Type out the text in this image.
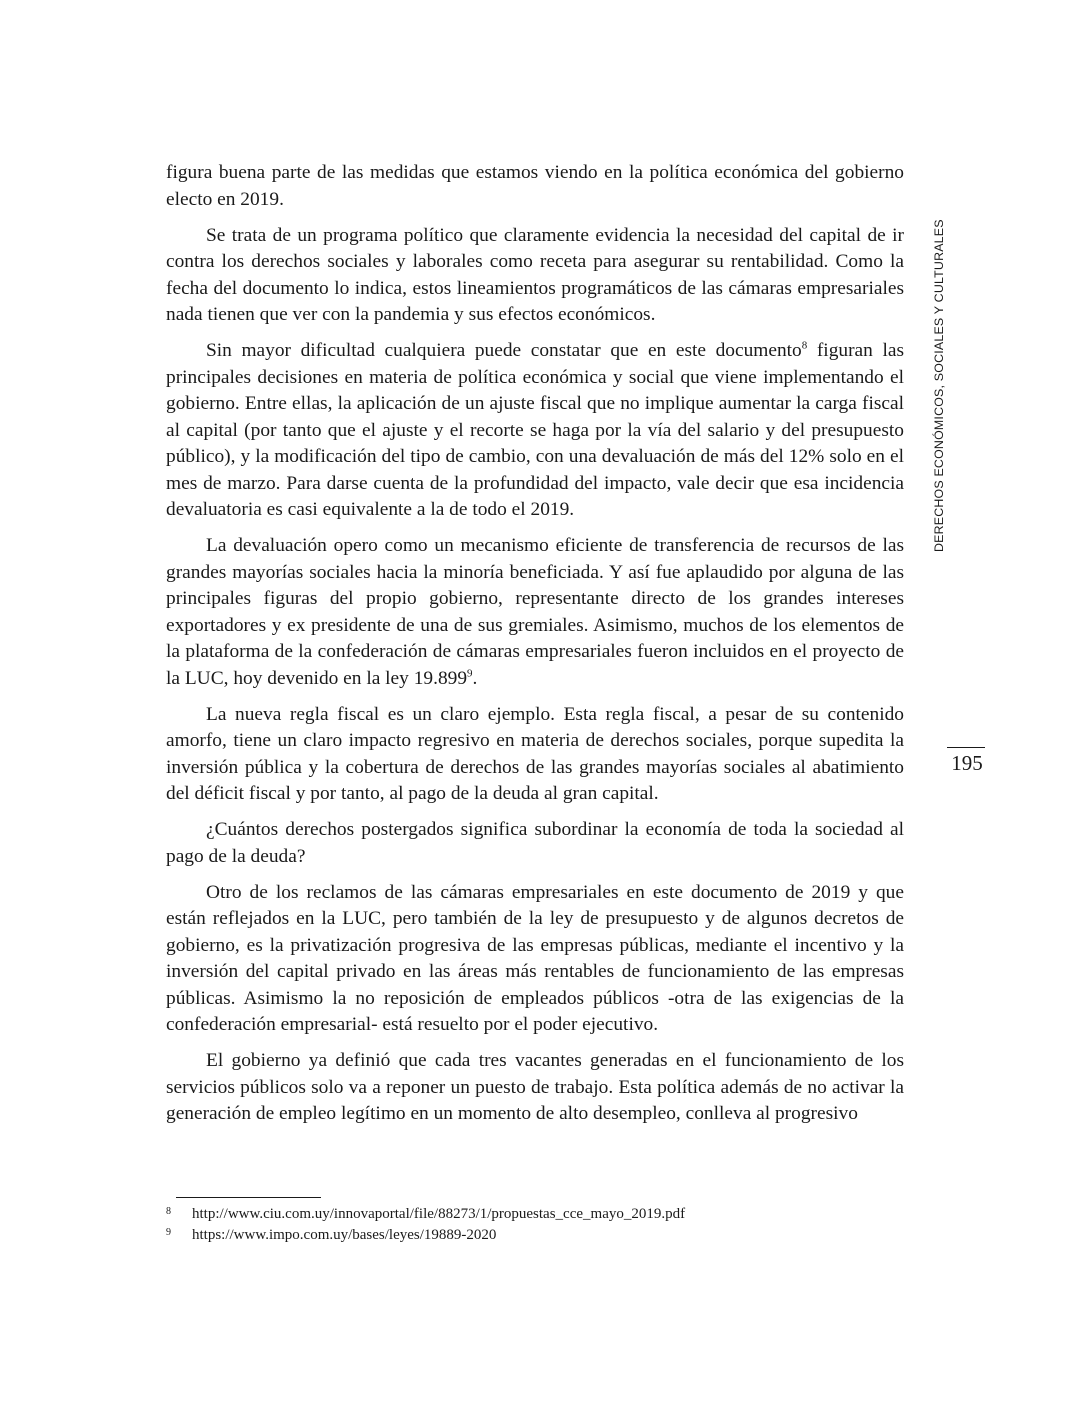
figura buena parte de las medidas que estamos viendo en la política económica del gobierno electo en 2019.

Se trata de un programa político que claramente evidencia la necesidad del capital de ir contra los derechos sociales y laborales como receta para asegurar su rentabilidad. Como la fecha del documento lo indica, estos lineamientos programáticos de las cámaras empresariales nada tienen que ver con la pandemia y sus efectos económicos.

Sin mayor dificultad cualquiera puede constatar que en este documento$^8$ figuran las principales decisiones en materia de política económica y social que viene implementando el gobierno. Entre ellas, la aplicación de un ajuste fiscal que no implique aumentar la carga fiscal al capital (por tanto que el ajuste y el recorte se haga por la vía del salario y del presupuesto público), y la modificación del tipo de cambio, con una devaluación de más del 12% solo en el mes de marzo. Para darse cuenta de la profundidad del impacto, vale decir que esa incidencia devaluatoria es casi equivalente a la de todo el 2019.

La devaluación opero como un mecanismo eficiente de transferencia de recursos de las grandes mayorías sociales hacia la minoría beneficiada. Y así fue aplaudido por alguna de las principales figuras del propio gobierno, representante directo de los grandes intereses exportadores y ex presidente de una de sus gremiales. Asimismo, muchos de los elementos de la plataforma de la confederación de cámaras empresariales fueron incluidos en el proyecto de la LUC, hoy devenido en la ley 19.899$^9$.

La nueva regla fiscal es un claro ejemplo. Esta regla fiscal, a pesar de su contenido amorfo, tiene un claro impacto regresivo en materia de derechos sociales, porque supedita la inversión pública y la cobertura de derechos de las grandes mayorías sociales al abatimiento del déficit fiscal y por tanto, al pago de la deuda al gran capital.

¿Cuántos derechos postergados significa subordinar la economía de toda la sociedad al pago de la deuda?

Otro de los reclamos de las cámaras empresariales en este documento de 2019 y que están reflejados en la LUC, pero también de la ley de presupuesto y de algunos decretos de gobierno, es la privatización progresiva de las empresas públicas, mediante el incentivo y la inversión del capital privado en las áreas más rentables de funcionamiento de las empresas públicas. Asimismo la no reposición de empleados públicos -otra de las exigencias de la confederación empresarial- está resuelto por el poder ejecutivo.

El gobierno ya definió que cada tres vacantes generadas en el funcionamiento de los servicios públicos solo va a reponer un puesto de trabajo. Esta política además de no activar la generación de empleo legítimo en un momento de alto desempleo, conlleva al progresivo

DERECHOS ECONÓMICOS, SOCIALES Y CULTURALES
195
8 http://www.ciu.com.uy/innovaportal/file/88273/1/propuestas_cce_mayo_2019.pdf
9 https://www.impo.com.uy/bases/leyes/19889-2020
